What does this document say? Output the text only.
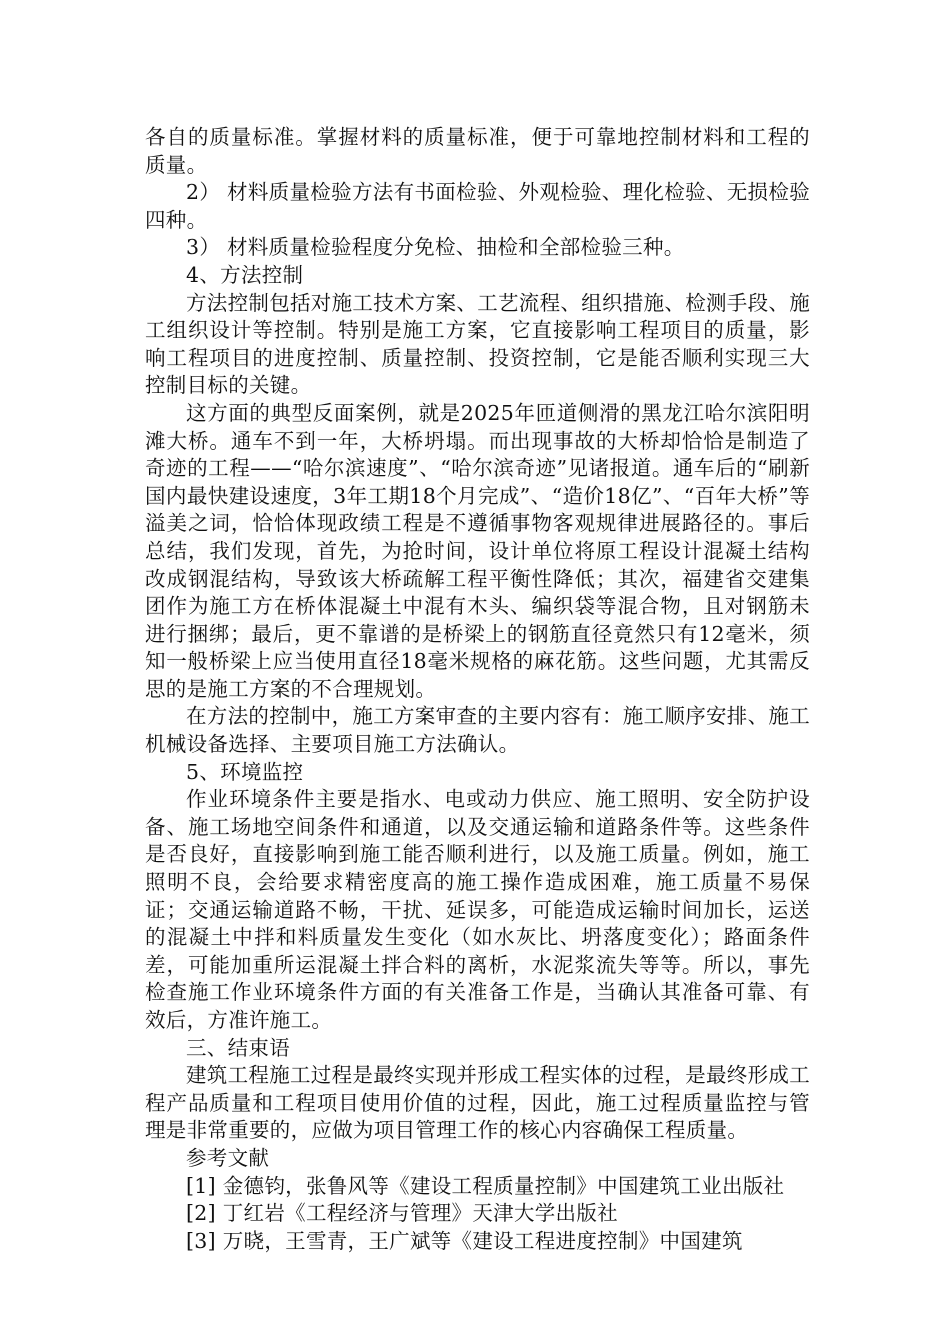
各自的质量标准。掌握材料的质量标准，便于可靠地控制材料和工程的质量。

2） 材料质量检验方法有书面检验、外观检验、理化检验、无损检验四种。

3） 材料质量检验程度分免检、抽检和全部检验三种。

4、方法控制

方法控制包括对施工技术方案、工艺流程、组织措施、检测手段、施工组织设计等控制。特别是施工方案，它直接影响工程项目的质量，影响工程项目的进度控制、质量控制、投资控制，它是能否顺利实现三大控制目标的关键。

这方面的典型反面案例，就是2025年匝道侧滑的黑龙江哈尔滨阳明滩大桥。通车不到一年，大桥坍塌。而出现事故的大桥却恰恰是制造了奇迹的工程——“哈尔滨速度”、“哈尔滨奇迹”见诸报道。通车后的“刷新国内最快建设速度，3年工期18个月完成”、“造价18亿”、“百年大桥”等溢美之词，恰恰体现政绩工程是不遵循事物客观规律进展路径的。事后总结，我们发现，首先，为抢时间，设计单位将原工程设计混凝土结构改成钢混结构，导致该大桥疏解工程平衡性降低；其次，福建省交建集团作为施工方在桥体混凝土中混有木头、编织袋等混合物，且对钢筋未进行捆绑；最后，更不靠谱的是桥梁上的钢筋直径竟然只有12毫米，须知一般桥梁上应当使用直径18毫米规格的麻花筋。这些问题，尤其需反思的是施工方案的不合理规划。

在方法的控制中，施工方案审查的主要内容有：施工顺序安排、施工机械设备选择、主要项目施工方法确认。

5、环境监控

作业环境条件主要是指水、电或动力供应、施工照明、安全防护设备、施工场地空间条件和通道，以及交通运输和道路条件等。这些条件是否良好，直接影响到施工能否顺利进行，以及施工质量。例如，施工照明不良，会给要求精密度高的施工操作造成困难，施工质量不易保证；交通运输道路不畅，干扰、延误多，可能造成运输时间加长，运送的混凝土中拌和料质量发生变化（如水灰比、坍落度变化）；路面条件差，可能加重所运混凝土拌合料的离析，水泥浆流失等等。所以，事先检查施工作业环境条件方面的有关准备工作是，当确认其准备可靠、有效后，方准许施工。

三、结束语

建筑工程施工过程是最终实现并形成工程实体的过程，是最终形成工程产品质量和工程项目使用价值的过程，因此，施工过程质量监控与管理是非常重要的，应做为项目管理工作的核心内容确保工程质量。

参考文献

[1] 金德钧，张鲁风等《建设工程质量控制》中国建筑工业出版社

[2] 丁红岩《工程经济与管理》天津大学出版社

[3] 万晓，王雪青，王广斌等《建设工程进度控制》中国建筑
